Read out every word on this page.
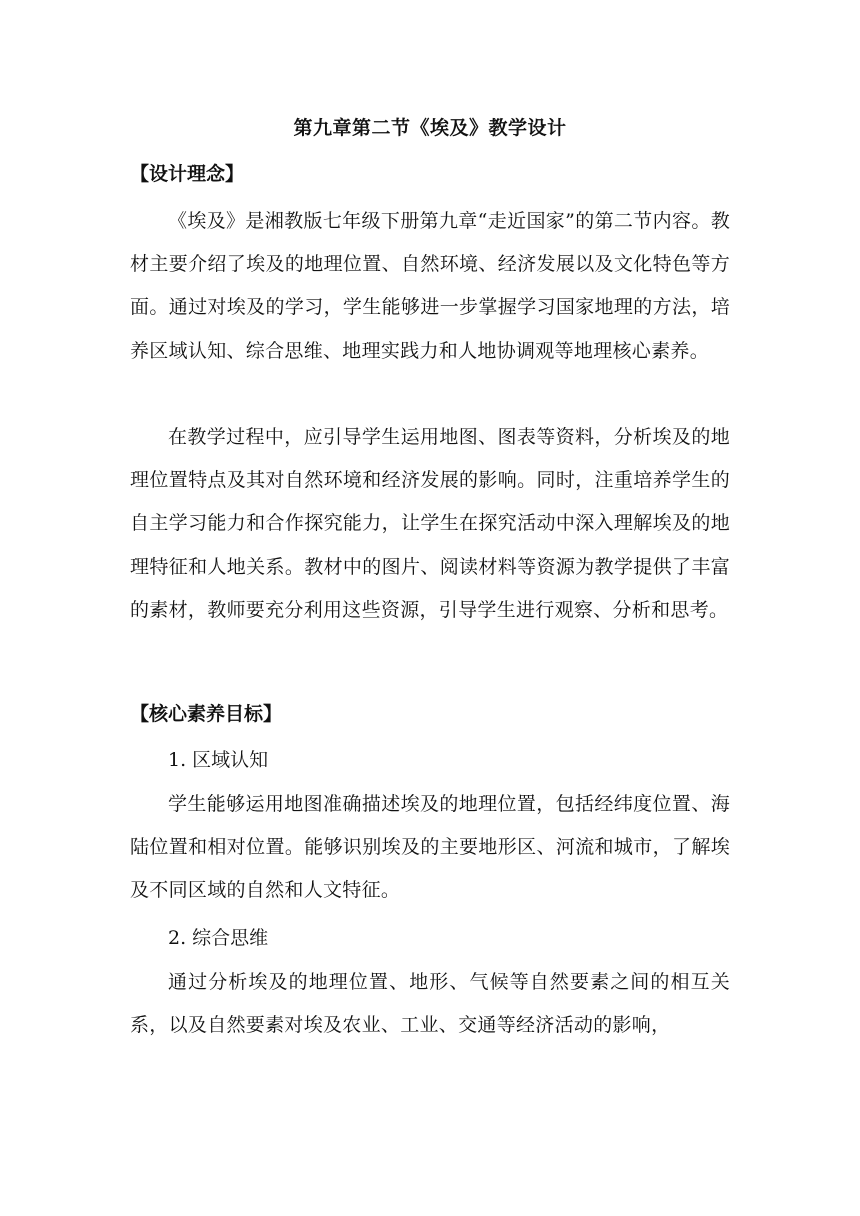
第九章第二节《埃及》教学设计
【设计理念】

《埃及》是湘教版七年级下册第九章“走近国家”的第二节内容。教材主要介绍了埃及的地理位置、自然环境、经济发展以及文化特色等方面。通过对埃及的学习，学生能够进一步掌握学习国家地理的方法，培养区域认知、综合思维、地理实践力和人地协调观等地理核心素养。

在教学过程中，应引导学生运用地图、图表等资料，分析埃及的地理位置特点及其对自然环境和经济发展的影响。同时，注重培养学生的自主学习能力和合作探究能力，让学生在探究活动中深入理解埃及的地理特征和人地关系。教材中的图片、阅读材料等资源为教学提供了丰富的素材，教师要充分利用这些资源，引导学生进行观察、分析和思考。

【核心素养目标】
1. 区域认知

学生能够运用地图准确描述埃及的地理位置，包括经纬度位置、海陆位置和相对位置。能够识别埃及的主要地形区、河流和城市，了解埃及不同区域的自然和人文特征。

2. 综合思维

通过分析埃及的地理位置、地形、气候等自然要素之间的相互关系，以及自然要素对埃及农业、工业、交通等经济活动的影响，
